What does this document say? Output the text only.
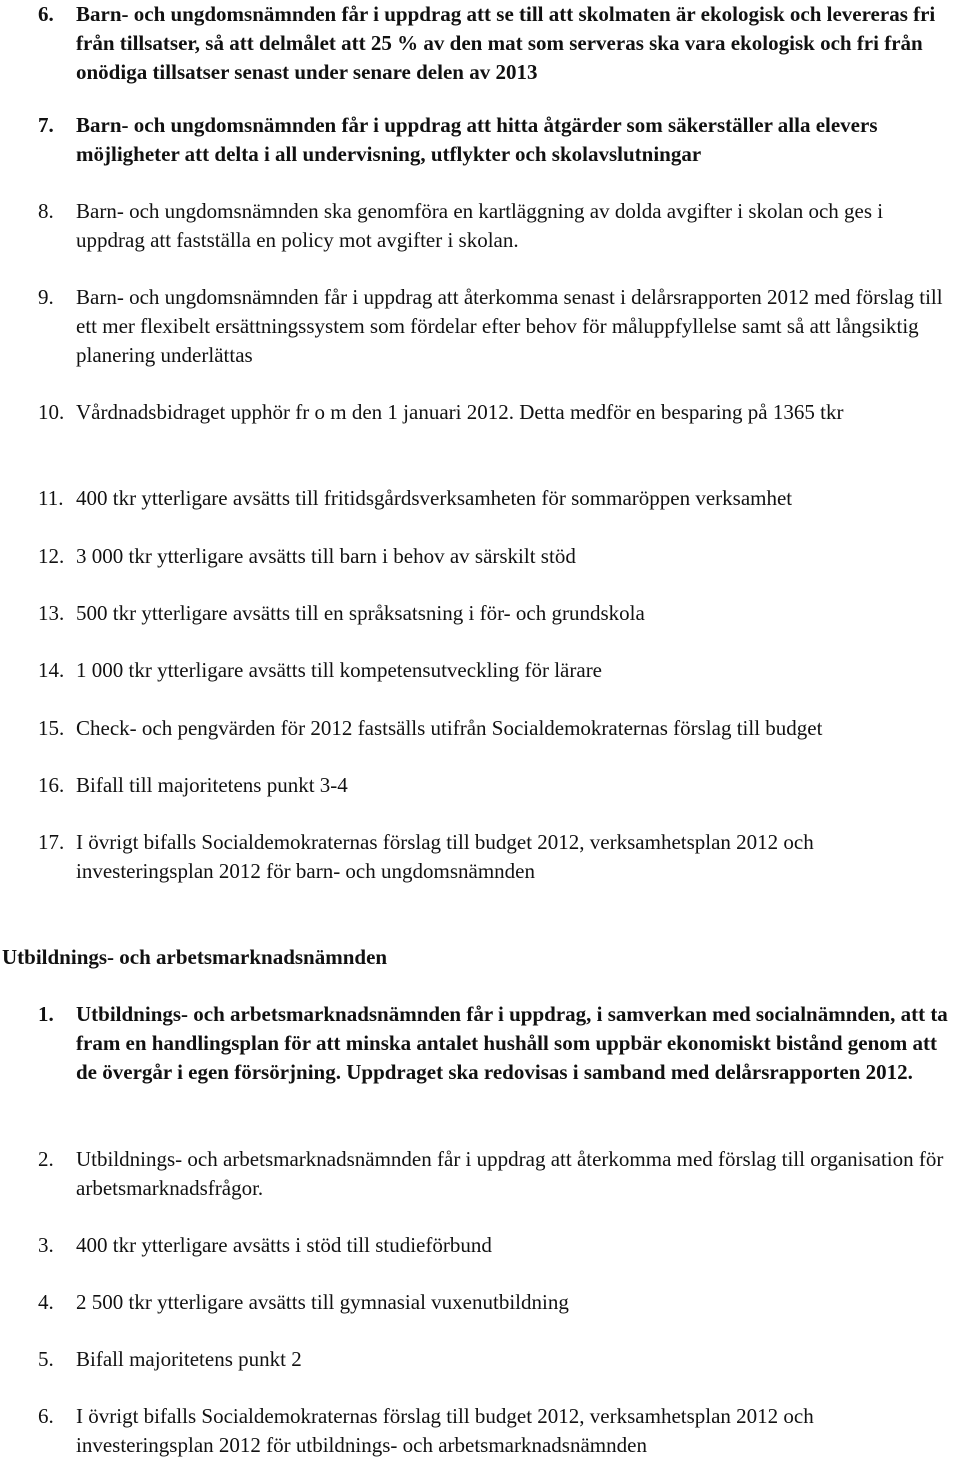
6.	Barn- och ungdomsnämnden får i uppdrag att se till att skolmaten är ekologisk och levereras fri från tillsatser, så att delmålet att 25 % av den mat som serveras ska vara ekologisk och fri från onödiga tillsatser senast under senare delen av 2013
7.	Barn- och ungdomsnämnden får i uppdrag att hitta åtgärder som säkerställer alla elevers möjligheter att delta i all undervisning, utflykter och skolavslutningar
8.	Barn- och ungdomsnämnden ska genomföra en kartläggning av dolda avgifter i skolan och ges i uppdrag att fastställa en policy mot avgifter i skolan.
9.	Barn- och ungdomsnämnden får i uppdrag att återkomma senast i delårsrapporten 2012 med förslag till ett mer flexibelt ersättningssystem som fördelar efter behov för måluppfyllelse samt så att långsiktig planering underlättas
10. Vårdnadsbidraget upphör fr o m den 1 januari 2012. Detta medför en besparing på 1365 tkr
11. 400 tkr ytterligare avsätts till fritidsgårdsverksamheten för sommaröppen verksamhet
12. 3 000 tkr ytterligare avsätts till barn i behov av särskilt stöd
13. 500 tkr ytterligare avsätts till en språksatsning i för- och grundskola
14. 1 000 tkr ytterligare avsätts till kompetensutveckling för lärare
15. Check- och pengvärden för 2012 fastsälls utifrån Socialdemokraternas förslag till budget
16. Bifall till majoritetens punkt 3-4
17. I övrigt bifalls Socialdemokraternas förslag till budget 2012, verksamhetsplan 2012 och investeringsplan 2012 för barn- och ungdomsnämnden
Utbildnings- och arbetsmarknadsnämnden
1.	Utbildnings- och arbetsmarknadsnämnden får i uppdrag, i samverkan med socialnämnden, att ta fram en handlingsplan för att minska antalet hushåll som uppbär ekonomiskt bistånd genom att de övergår i egen försörjning. Uppdraget ska redovisas i samband med delårsrapporten 2012.
2.	Utbildnings- och arbetsmarknadsnämnden får i uppdrag att återkomma med förslag till organisation för arbetsmarknadsfrågor.
3.	400 tkr ytterligare avsätts i stöd till studieförbund
4.	2 500 tkr ytterligare avsätts till gymnasial vuxenutbildning
5.	Bifall majoritetens punkt 2
6.	I övrigt bifalls Socialdemokraternas förslag till budget 2012, verksamhetsplan 2012 och investeringsplan 2012 för utbildnings- och arbetsmarknadsnämnden
